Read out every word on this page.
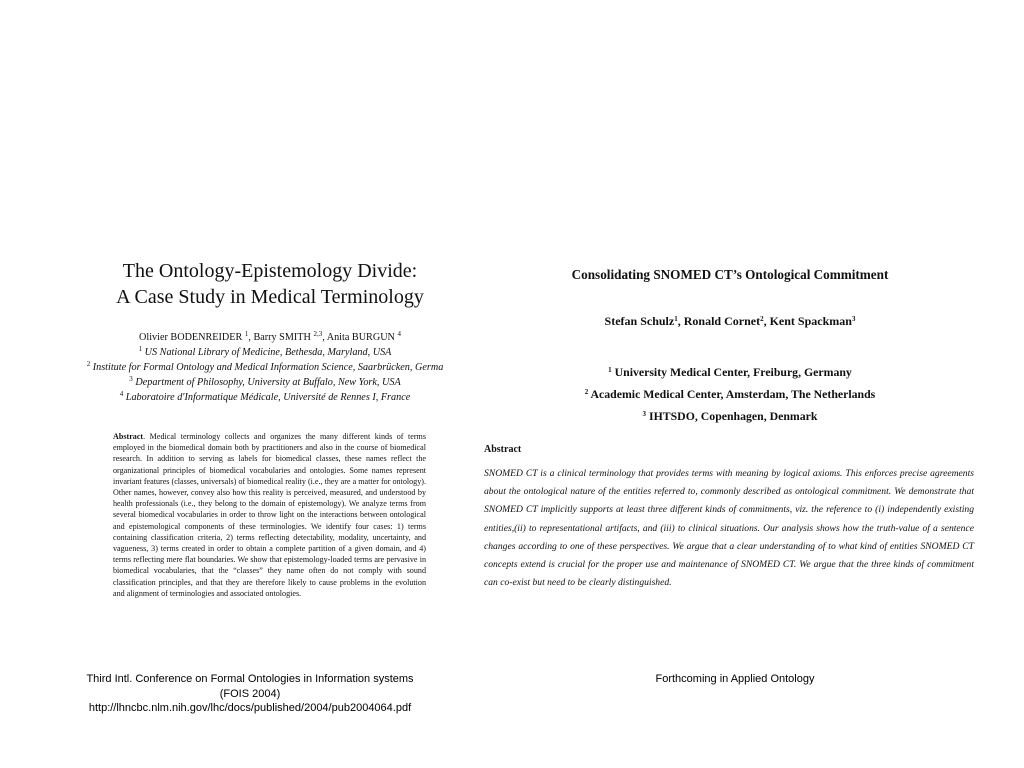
The Ontology-Epistemology Divide:
A Case Study in Medical Terminology
Olivier BODENREIDER $^1$, Barry SMITH $^{2,3}$, Anita BURGUN $^4$
$^1$ US National Library of Medicine, Bethesda, Maryland, USA
$^2$ Institute for Formal Ontology and Medical Information Science, Saarbrücken, Germa
$^3$ Department of Philosophy, University at Buffalo, New York, USA
$^4$ Laboratoire d'Informatique Médicale, Université de Rennes I, France
Abstract. Medical terminology collects and organizes the many different kinds of terms employed in the biomedical domain both by practitioners and also in the course of biomedical research. In addition to serving as labels for biomedical classes, these names reflect the organizational principles of biomedical vocabularies and ontologies. Some names represent invariant features (classes, universals) of biomedical reality (i.e., they are a matter for ontology). Other names, however, convey also how this reality is perceived, measured, and understood by health professionals (i.e., they belong to the domain of epistemology). We analyze terms from several biomedical vocabularies in order to throw light on the interactions between ontological and epistemological components of these terminologies. We identify four cases: 1) terms containing classification criteria, 2) terms reflecting detectability, modality, uncertainty, and vagueness, 3) terms created in order to obtain a complete partition of a given domain, and 4) terms reflecting mere flat boundaries. We show that epistemology-loaded terms are pervasive in biomedical vocabularies, that the “classes” they name often do not comply with sound classification principles, and that they are therefore likely to cause problems in the evolution and alignment of terminologies and associated ontologies.
Consolidating SNOMED CT’s Ontological Commitment
Stefan Schulz$^1$, Ronald Cornet$^2$, Kent Spackman$^3$
$^1$ University Medical Center, Freiburg, Germany
$^2$ Academic Medical Center, Amsterdam, The Netherlands
$^3$ IHTSDO, Copenhagen, Denmark
Abstract
SNOMED CT is a clinical terminology that provides terms with meaning by logical axioms. This enforces precise agreements about the ontological nature of the entities referred to, commonly described as ontological commitment. We demonstrate that SNOMED CT implicitly supports at least three different kinds of commitments, viz. the reference to (i) independently existing entities,(ii) to representational artifacts, and (iii) to clinical situations. Our analysis shows how the truth-value of a sentence changes according to one of these perspectives. We argue that a clear understanding of to what kind of entities SNOMED CT concepts extend is crucial for the proper use and maintenance of SNOMED CT. We argue that the three kinds of commitment can co-exist but need to be clearly distinguished.
Third Intl. Conference on Formal Ontologies in Information systems
(FOIS 2004)
http://lhncbc.nlm.nih.gov/lhc/docs/published/2004/pub2004064.pdf
Forthcoming in Applied Ontology
